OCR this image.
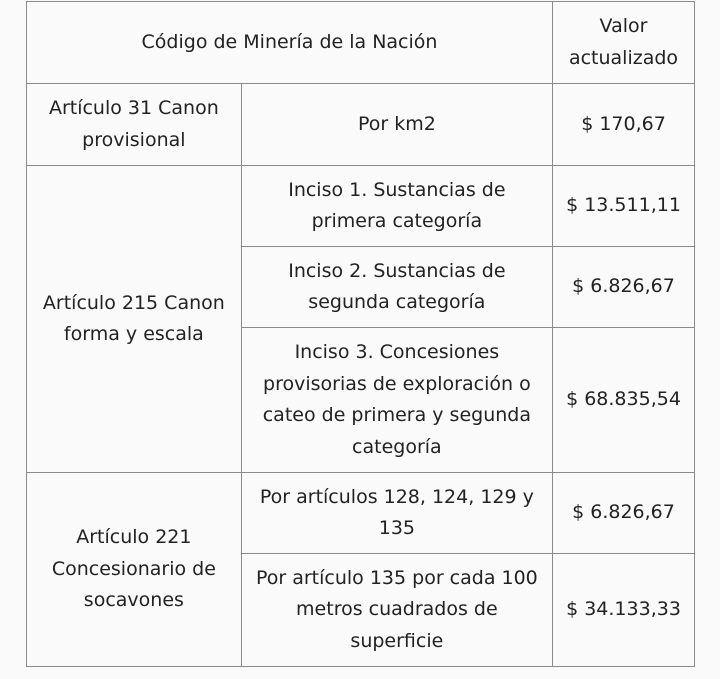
Código de Minería de la Nación		Valor actualizado
Artículo 31 Canon provisional	Por km2	$ 170,67
Artículo 215 Canon forma y escala	Inciso 1. Sustancias de primera categoría	$ 13.511,11
	Inciso 2. Sustancias de segunda categoría	$ 6.826,67
	Inciso 3. Concesiones provisorias de exploración o cateo de primera y segunda categoría	$ 68.835,54
Artículo 221 Concesionario de socavones	Por artículos 128, 124, 129 y 135	$ 6.826,67
	Por artículo 135 por cada 100 metros cuadrados de superficie	$ 34.133,33
